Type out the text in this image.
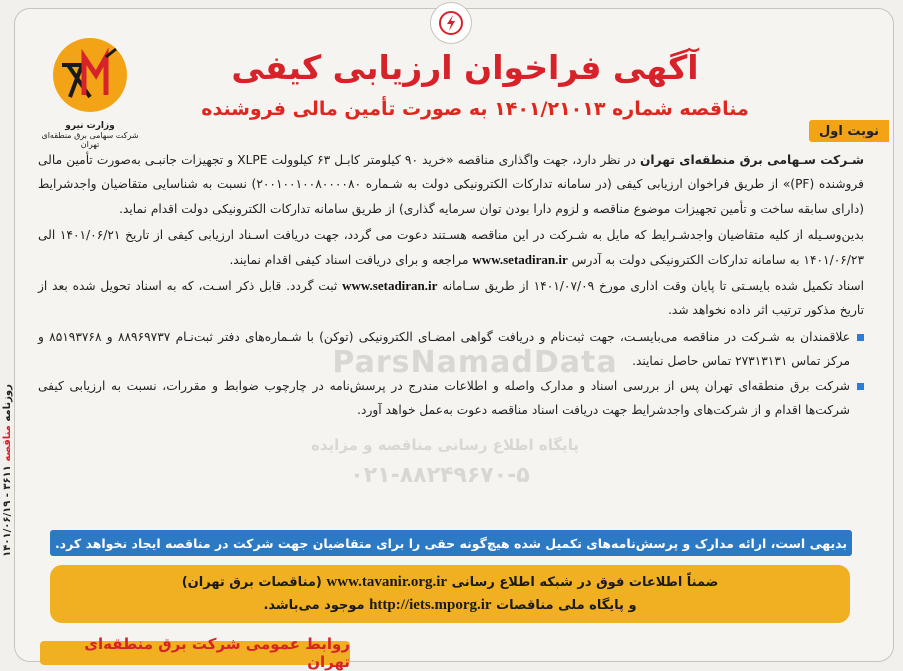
وزارت نیرو
شرکت سهامی برق منطقه‌ای تهران
آگهی فراخوان ارزیابی کیفی
مناقصه شماره ۱۴۰۱/۲۱۰۱۳ به صورت تأمین مالی فروشنده
نوبت اول
ParsNamadData
پایگاه اطلاع رسانی مناقصه و مزایده
۰۲۱-۸۸۲۴۹۶۷۰-۵

شـرکت سـهامی برق منطقه‌ای تهران در نظر دارد، جهت واگذاری مناقصه «خرید ۹۰ کیلومتر کابـل ۶۳ کیلوولت XLPE و تجهیزات جانبـی به‌صورت تأمین مالی فروشنده (PF)» از طریق فراخوان ارزیابی کیفی (در سامانه تدارکات الکترونیکی دولت به شـماره ۲۰۰۱۰۰۱۰۰۸۰۰۰۰۸۰) نسبت به شناسایی متقاضیان واجدشرایط (دارای سابقه ساخت و تأمین تجهیزات موضوع مناقصه و لزوم دارا بودن توان سرمایه گذاری) از طریق سامانه تدارکات الکترونیکی دولت اقدام نماید.

بدین‌وسـیله از کلیه متقاضیان واجدشـرایط که مایل به شـرکت در این مناقصه هسـتند دعوت می گردد، جهت دریافت اسـناد ارزیابی کیفی از تاریخ ۱۴۰۱/۰۶/۲۱ الی ۱۴۰۱/۰۶/۲۳ به سامانه تدارکات الکترونیکی دولت به آدرس www.setadiran.ir مراجعه و برای دریافت اسناد کیفی اقدام نمایند.

اسناد تکمیل شده بایسـتی تا پایان وقت اداری مورخ ۱۴۰۱/۰۷/۰۹ از طریق سـامانه www.setadiran.ir ثبت گردد. قابل ذکر اسـت، که به اسناد تحویل شده بعد از تاریخ مذکور ترتیب اثر داده نخواهد شد.

علاقمندان به شـرکت در مناقصه می‌بایسـت، جهت ثبت‌نام و دریافت گواهی امضـای الکترونیکی (توکن) با شـماره‌های دفتر ثبت‌نـام ۸۸۹۶۹۷۳۷ و ۸۵۱۹۳۷۶۸ و مرکز تماس ۲۷۳۱۳۱۳۱ تماس حاصل نمایند.

شرکت برق منطقه‌ای تهران پس از بررسی اسناد و مدارک واصله و اطلاعات مندرج در پرسش‌نامه در چارچوب ضوابط و مقررات، نسبت به ارزیابی کیفی شرکت‌ها اقدام و از شرکت‌های واجدشرایط جهت دریافت اسناد مناقصه دعوت به‌عمل خواهد آورد.

بدیهی است، ارائه مدارک و پرسش‌نامه‌های تکمیل شده هیچ‌گونه حقی را برای متقاضیان جهت شرکت در مناقصه ایجاد نخواهد کرد.
ضمناً اطلاعات فوق در شبکه اطلاع رسانی www.tavanir.org.ir (مناقصات برق تهران)
و پایگاه ملی مناقصات http://iets.mporg.ir موجود می‌باشد.
روابط عمومی شرکت برق منطقه‌ای تهران
روزنامه مناقصه ۳۶۱۱ - ۱۴۰۱/۰۶/۱۹
